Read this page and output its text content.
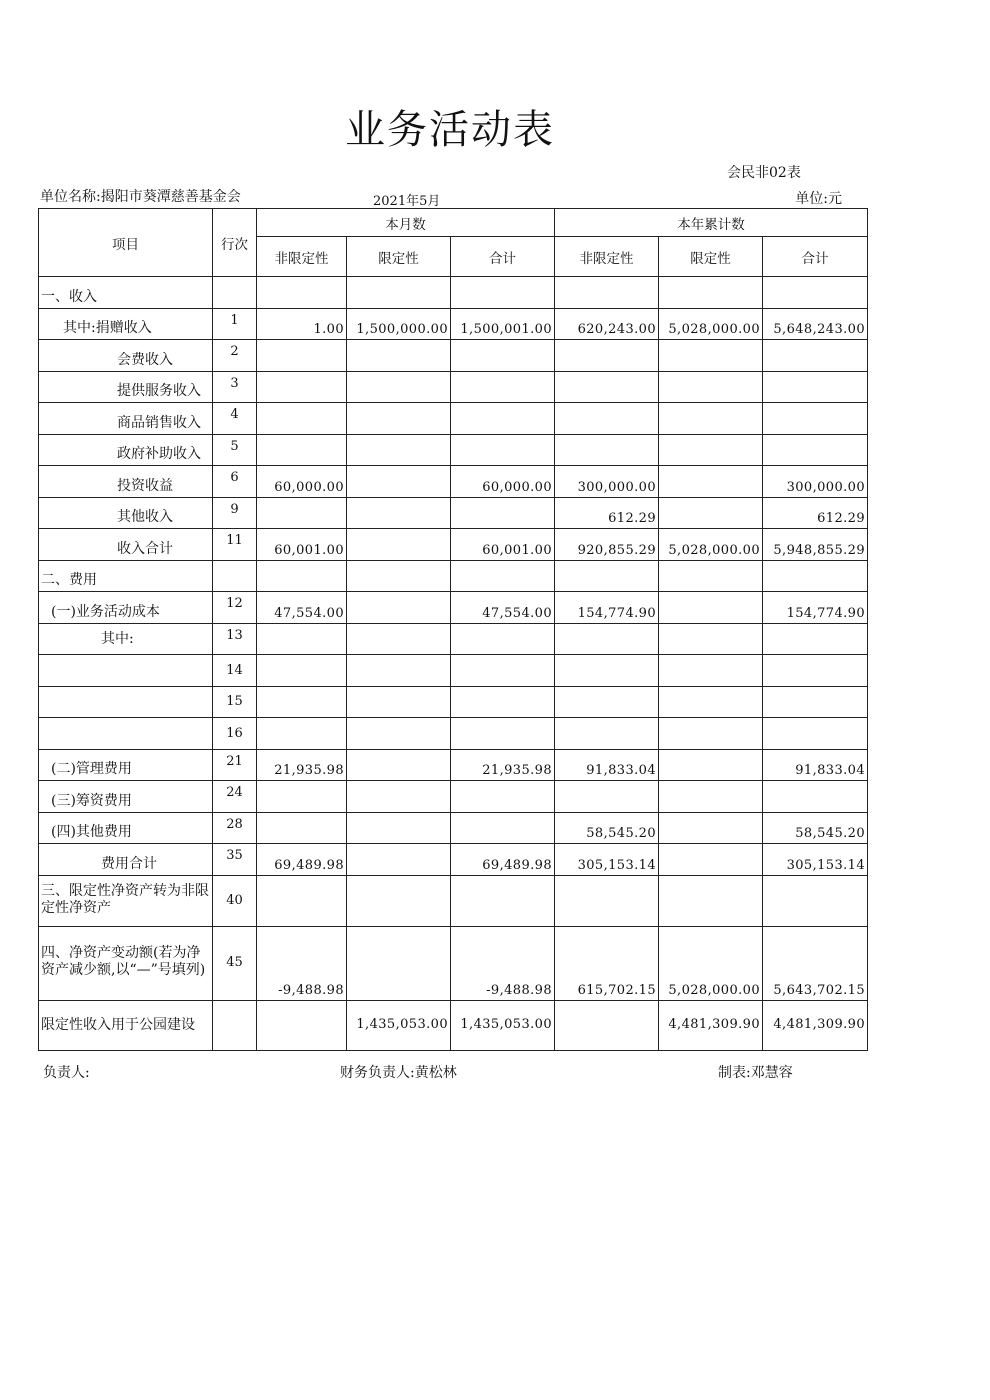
业务活动表
会民非02表
单位名称:揭阳市葵潭慈善基金会	2021年5月	单位:元
项目	行次	本月数			本年累计数		
		非限定性	限定性	合计	非限定性	限定性	合计
一、收入							
其中:捐赠收入	1	1.00	1,500,000.00	1,500,001.00	620,243.00	5,028,000.00	5,648,243.00
会费收入	2						
提供服务收入	3						
商品销售收入	4						
政府补助收入	5						
投资收益	6	60,000.00		60,000.00	300,000.00		300,000.00
其他收入	9				612.29		612.29
收入合计	11	60,001.00		60,001.00	920,855.29	5,028,000.00	5,948,855.29
二、费用							
(一)业务活动成本	12	47,554.00		47,554.00	154,774.90		154,774.90
其中:	13						
	14						
	15						
	16						
(二)管理费用	21	21,935.98		21,935.98	91,833.04		91,833.04
(三)筹资费用	24						
(四)其他费用	28				58,545.20		58,545.20
费用合计	35	69,489.98		69,489.98	305,153.14		305,153.14
三、限定性净资产转为非限定性净资产	40						
四、净资产变动额(若为净资产减少额,以“—”号填列)	45	-9,488.98		-9,488.98	615,702.15	5,028,000.00	5,643,702.15
限定性收入用于公园建设			1,435,053.00	1,435,053.00		4,481,309.90	4,481,309.90
负责人:	财务负责人:黄松林	制表:邓慧容
